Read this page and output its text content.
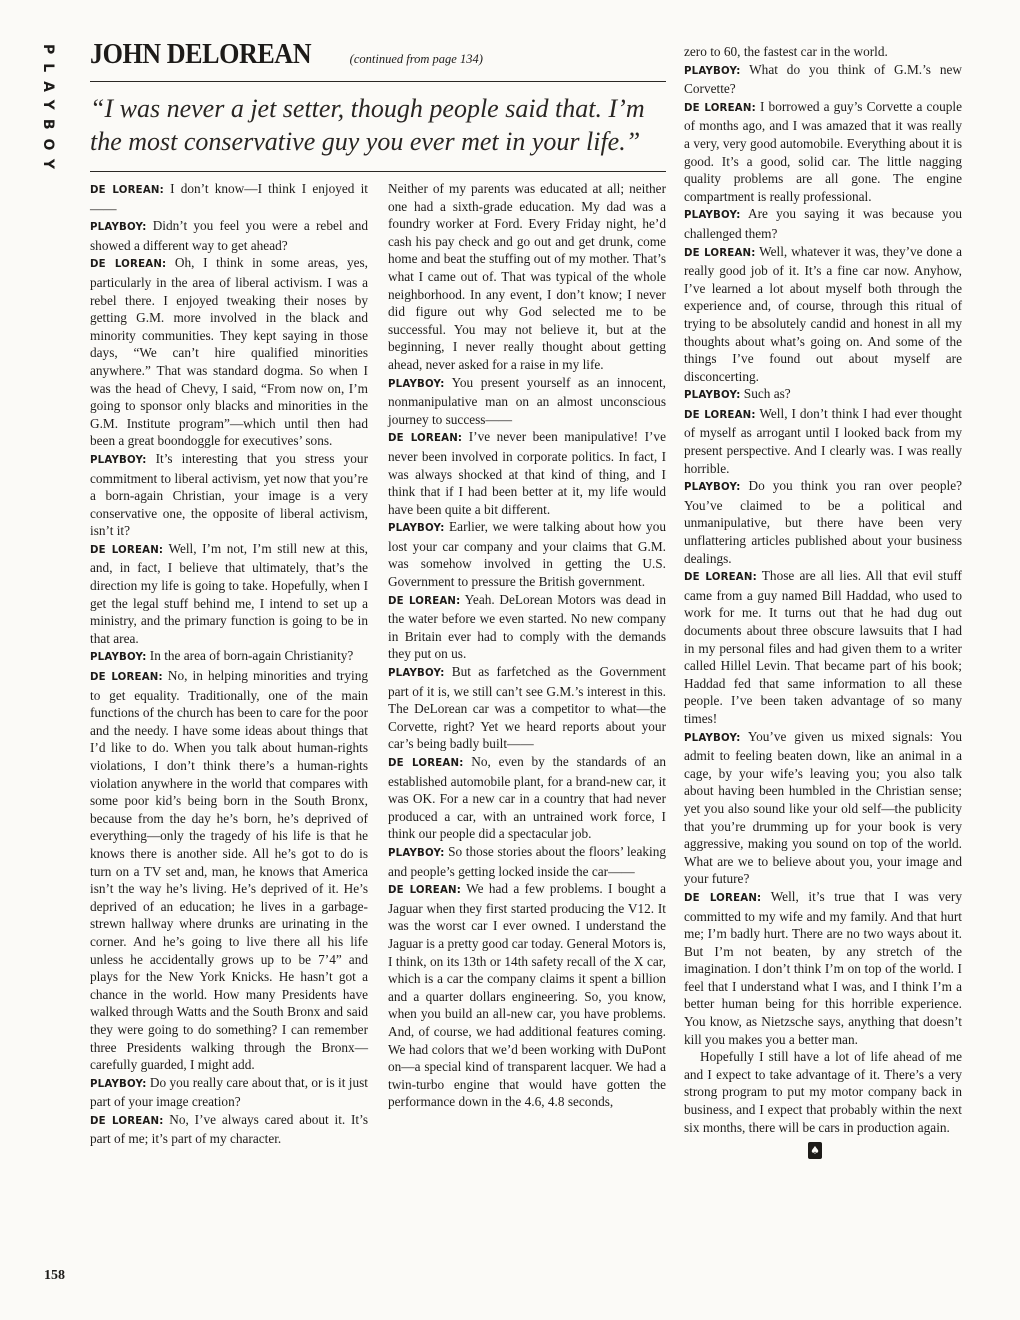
PLAYBOY JOHN DELOREAN	(continued from page 134)
“I was never a jet setter, though people said that. I’m the most conservative guy you ever met in your life.”

DE LOREAN: I don’t know—I think I enjoyed it——

PLAYBOY: Didn’t you feel you were a rebel and showed a different way to get ahead?

DE LOREAN: Oh, I think in some areas, yes, particularly in the area of liberal activism. I was a rebel there. I enjoyed tweaking their noses by getting G.M. more involved in the black and minority communities. They kept saying in those days, “We can’t hire qualified minorities anywhere.” That was standard dogma. So when I was the head of Chevy, I said, “From now on, I’m going to sponsor only blacks and minorities in the G.M. Institute program”—which until then had been a great boondoggle for executives’ sons.

PLAYBOY: It’s interesting that you stress your commitment to liberal activism, yet now that you’re a born-again Christian, your image is a very conservative one, the opposite of liberal activism, isn’t it?

DE LOREAN: Well, I’m not, I’m still new at this, and, in fact, I believe that ultimately, that’s the direction my life is going to take. Hopefully, when I get the legal stuff behind me, I intend to set up a ministry, and the primary function is going to be in that area.

PLAYBOY: In the area of born-again Christianity?

DE LOREAN: No, in helping minorities and trying to get equality. Traditionally, one of the main functions of the church has been to care for the poor and the needy. I have some ideas about things that I’d like to do. When you talk about human-rights violations, I don’t think there’s a human-rights violation anywhere in the world that compares with some poor kid’s being born in the South Bronx, because from the day he’s born, he’s deprived of everything—only the tragedy of his life is that he knows there is another side. All he’s got to do is turn on a TV set and, man, he knows that America isn’t the way he’s living. He’s deprived of it. He’s deprived of an education; he lives in a garbage-strewn hallway where drunks are urinating in the corner. And he’s going to live there all his life unless he accidentally grows up to be 7’4” and plays for the New York Knicks. He hasn’t got a chance in the world. How many Presidents have walked through Watts and the South Bronx and said they were going to do something? I can remember three Presidents walking through the Bronx—carefully guarded, I might add.

PLAYBOY: Do you really care about that, or is it just part of your image creation?

DE LOREAN: No, I’ve always cared about it. It’s part of me; it’s part of my character.

Neither of my parents was educated at all; neither one had a sixth-grade education. My dad was a foundry worker at Ford. Every Friday night, he’d cash his pay check and go out and get drunk, come home and beat the stuffing out of my mother. That’s what I came out of. That was typical of the whole neighborhood. In any event, I don’t know; I never did figure out why God selected me to be successful. You may not believe it, but at the beginning, I never really thought about getting ahead, never asked for a raise in my life.

PLAYBOY: You present yourself as an innocent, nonmanipulative man on an almost unconscious journey to success——

DE LOREAN: I’ve never been manipulative! I’ve never been involved in corporate politics. In fact, I was always shocked at that kind of thing, and I think that if I had been better at it, my life would have been quite a bit different.

PLAYBOY: Earlier, we were talking about how you lost your car company and your claims that G.M. was somehow involved in getting the U.S. Government to pressure the British government.

DE LOREAN: Yeah. DeLorean Motors was dead in the water before we even started. No new company in Britain ever had to comply with the demands they put on us.

PLAYBOY: But as farfetched as the Government part of it is, we still can’t see G.M.’s interest in this. The DeLorean car was a competitor to what—the Corvette, right? Yet we heard reports about your car’s being badly built——

DE LOREAN: No, even by the standards of an established automobile plant, for a brand-new car, it was OK. For a new car in a country that had never produced a car, with an untrained work force, I think our people did a spectacular job.

PLAYBOY: So those stories about the floors’ leaking and people’s getting locked inside the car——

DE LOREAN: We had a few problems. I bought a Jaguar when they first started producing the V12. It was the worst car I ever owned. I understand the Jaguar is a pretty good car today. General Motors is, I think, on its 13th or 14th safety recall of the X car, which is a car the company claims it spent a billion and a quarter dollars engineering. So, you know, when you build an all-new car, you have problems. And, of course, we had additional features coming. We had colors that we’d been working with DuPont on—a special kind of transparent lacquer. We had a twin-turbo engine that would have gotten the performance down in the 4.6, 4.8 seconds,

zero to 60, the fastest car in the world.

PLAYBOY: What do you think of G.M.’s new Corvette?

DE LOREAN: I borrowed a guy’s Corvette a couple of months ago, and I was amazed that it was really a very, very good automobile. Everything about it is good. It’s a good, solid car. The little nagging quality problems are all gone. The engine compartment is really professional.

PLAYBOY: Are you saying it was because you challenged them?

DE LOREAN: Well, whatever it was, they’ve done a really good job of it. It’s a fine car now. Anyhow, I’ve learned a lot about myself both through the experience and, of course, through this ritual of trying to be absolutely candid and honest in all my thoughts about what’s going on. And some of the things I’ve found out about myself are disconcerting.

PLAYBOY: Such as?

DE LOREAN: Well, I don’t think I had ever thought of myself as arrogant until I looked back from my present perspective. And I clearly was. I was really horrible.

PLAYBOY: Do you think you ran over people? You’ve claimed to be a political and unmanipulative, but there have been very unflattering articles published about your business dealings.

DE LOREAN: Those are all lies. All that evil stuff came from a guy named Bill Haddad, who used to work for me. It turns out that he had dug out documents about three obscure lawsuits that I had in my personal files and had given them to a writer called Hillel Levin. That became part of his book; Haddad fed that same information to all these people. I’ve been taken advantage of so many times!

PLAYBOY: You’ve given us mixed signals: You admit to feeling beaten down, like an animal in a cage, by your wife’s leaving you; you also talk about having been humbled in the Christian sense; yet you also sound like your old self—the publicity that you’re drumming up for your book is very aggressive, making you sound on top of the world. What are we to believe about you, your image and your future?

DE LOREAN: Well, it’s true that I was very committed to my wife and my family. And that hurt me; I’m badly hurt. There are no two ways about it. But I’m not beaten, by any stretch of the imagination. I don’t think I’m on top of the world. I feel that I understand what I was, and I think I’m a better human being for this horrible experience. You know, as Nietzsche says, anything that doesn’t kill you makes you a better man.

Hopefully I still have a lot of life ahead of me and I expect to take advantage of it. There’s a very strong program to put my motor company back in business, and I expect that probably within the next six months, there will be cars in production again.

♠
158
